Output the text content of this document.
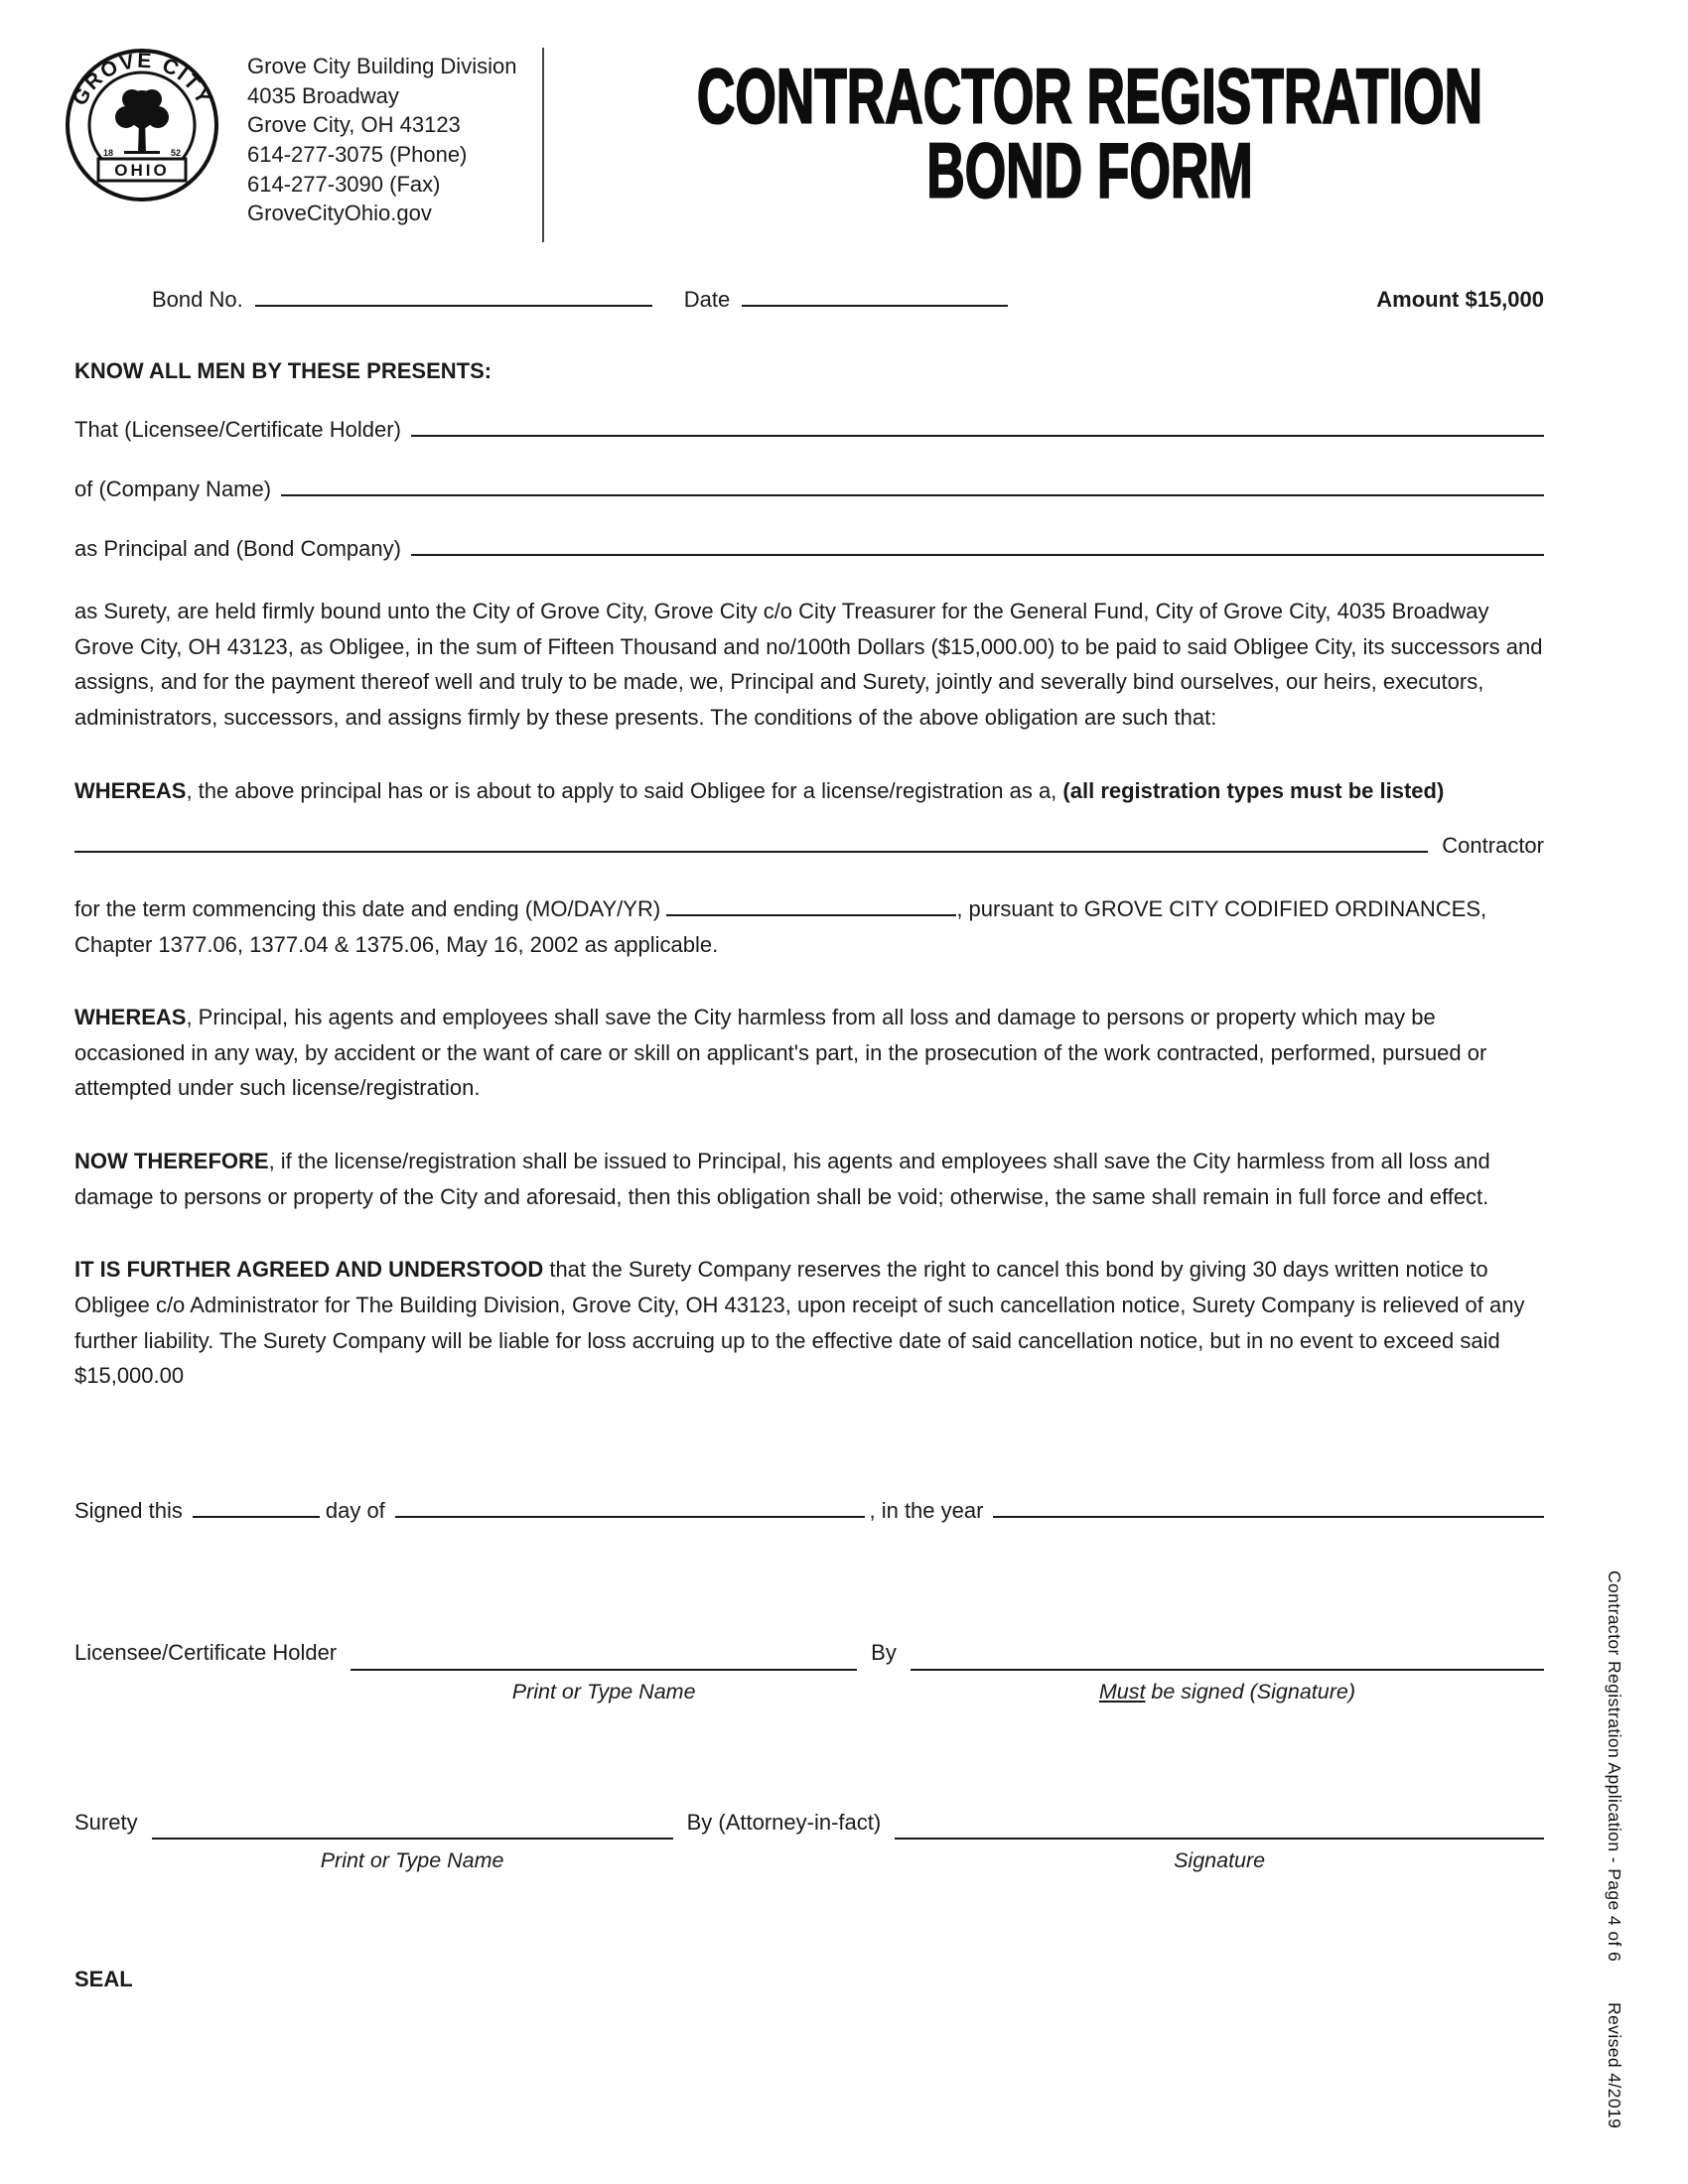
GROVE CITY
OHIO
18	52
Grove City Building Division
4035 Broadway
Grove City, OH 43123
614-277-3075 (Phone)
614-277-3090 (Fax)
GroveCityOhio.gov
CONTRACTOR REGISTRATION
BOND FORM
Bond No.	Date	Amount $15,000
KNOW ALL MEN BY THESE PRESENTS:
That (Licensee/Certificate Holder)
of (Company Name)
as Principal and (Bond Company)

as Surety, are held firmly bound unto the City of Grove City, Grove City c/o City Treasurer for the General Fund, City of Grove City, 4035 Broadway Grove City, OH 43123, as Obligee, in the sum of Fifteen Thousand and no/100th Dollars ($15,000.00) to be paid to said Obligee City, its successors and assigns, and for the payment thereof well and truly to be made, we, Principal and Surety, jointly and severally bind ourselves, our heirs, executors, administrators, successors, and assigns firmly by these presents. The conditions of the above obligation are such that:

WHEREAS, the above principal has or is about to apply to said Obligee for a license/registration as a, (all registration types must be listed)

Contractor

for the term commencing this date and ending (MO/DAY/YR)	, pursuant to GROVE CITY CODIFIED ORDINANCES, Chapter 1377.06, 1377.04 & 1375.06, May 16, 2002 as applicable.

WHEREAS, Principal, his agents and employees shall save the City harmless from all loss and damage to persons or property which may be occasioned in any way, by accident or the want of care or skill on applicant's part, in the prosecution of the work contracted, performed, pursued or attempted under such license/registration.

NOW THEREFORE, if the license/registration shall be issued to Principal, his agents and employees shall save the City harmless from all loss and damage to persons or property of the City and aforesaid, then this obligation shall be void; otherwise, the same shall remain in full force and effect.

IT IS FURTHER AGREED AND UNDERSTOOD that the Surety Company reserves the right to cancel this bond by giving 30 days written notice to Obligee c/o Administrator for The Building Division, Grove City, OH 43123, upon receipt of such cancellation notice, Surety Company is relieved of any further liability. The Surety Company will be liable for loss accruing up to the effective date of said cancellation notice, but in no event to exceed said $15,000.00

Signed this	day of	, in the year
Licensee/Certificate Holder	By
Print or Type Name	Must be signed (Signature)
Surety	By (Attorney-in-fact)
Print or Type Name	Signature
SEAL
Contractor Registration Application - Page 4 of 6 Revised 4/2019
